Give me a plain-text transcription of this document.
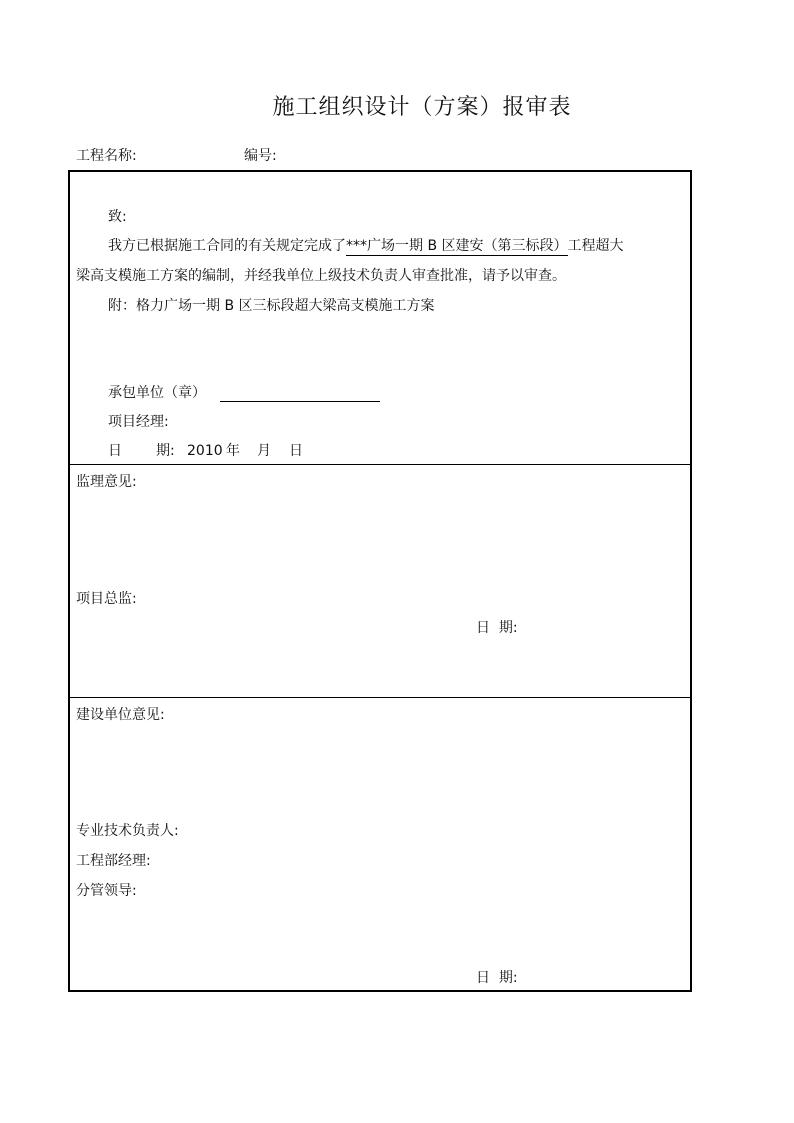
施工组织设计（方案）报审表
工程名称:	编号:
致:
我方已根据施工合同的有关规定完成了***广场一期 B 区建安（第三标段）工程超大
梁高支模施工方案的编制，并经我单位上级技术负责人审查批准，请予以审查。
附：格力广场一期 B 区三标段超大梁高支模施工方案
承包单位（章）
项目经理:
日 期: 2010 年 月 日
监理意见:
项目总监:
日  期:
建设单位意见:
专业技术负责人:
工程部经理:
分管领导:
日  期:
